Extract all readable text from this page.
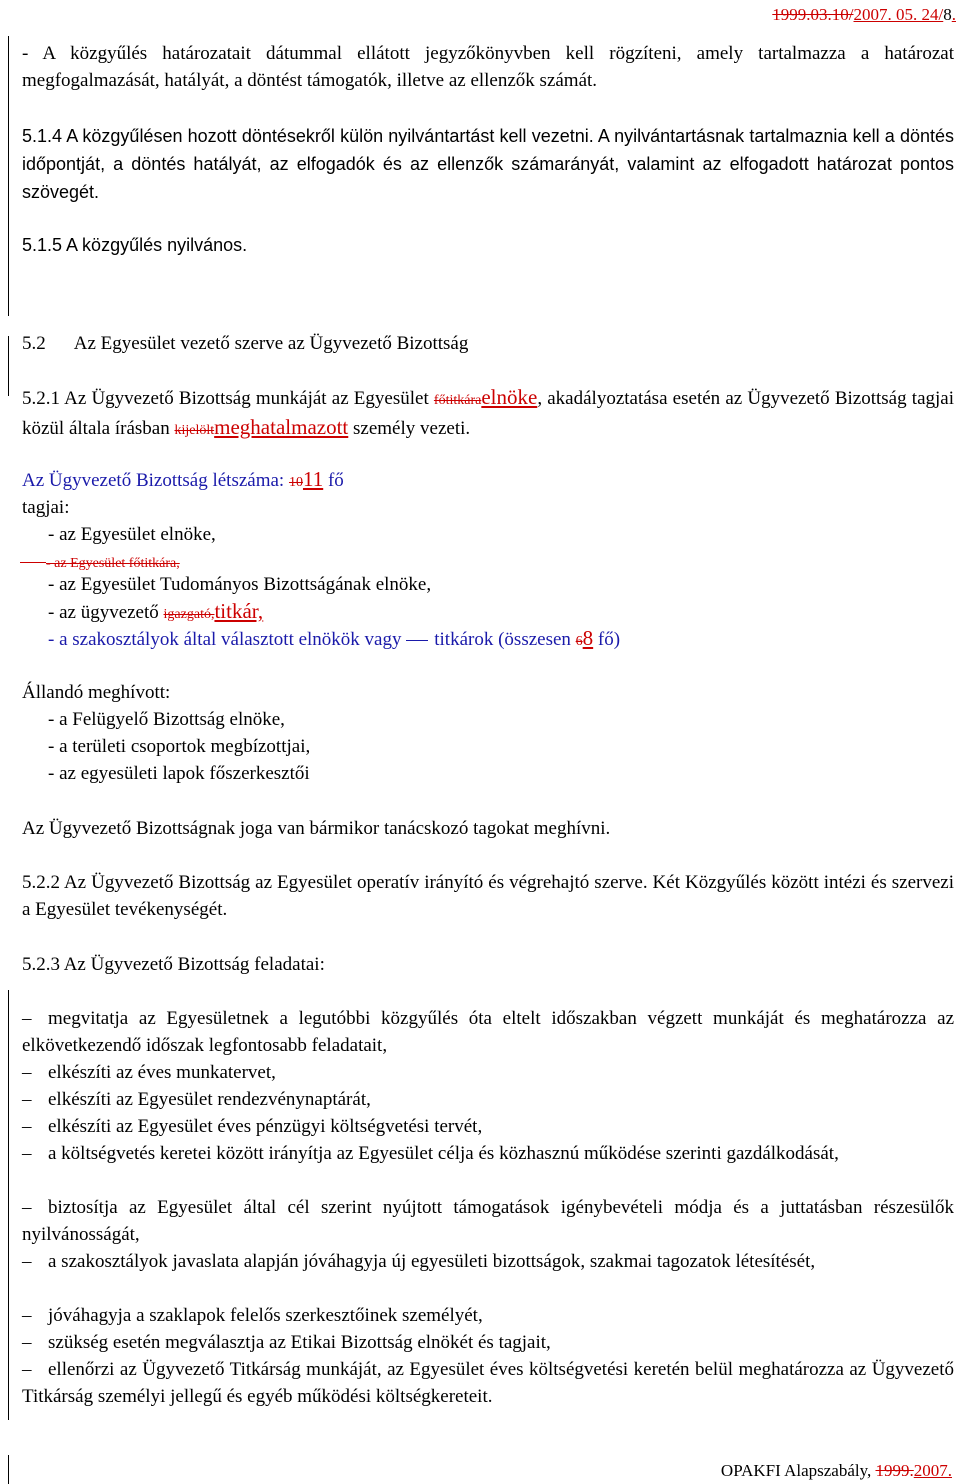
1999.03.10/2007. 05. 24/8.
- A közgyűlés határozatait dátummal ellátott jegyzőkönyvben kell rögzíteni, amely tartalmazza a határozat megfogalmazását, hatályát, a döntést támogatók, illetve az ellenzők számát.
5.1.4 A közgyűlésen hozott döntésekről külön nyilvántartást kell vezetni. A nyilvántartásnak tartalmaznia kell a döntés időpontját, a döntés hatályát, az elfogadók és az ellenzők számarányát, valamint az elfogadott határozat pontos szövegét.
5.1.5 A közgyűlés nyilvános.
5.2 Az Egyesület vezető szerve az Ügyvezető Bizottság
5.2.1 Az Ügyvezető Bizottság munkáját az Egyesület főtitkáraelnöke, akadályoztatása esetén az Ügyvezető Bizottság tagjai közül általa írásban kijelöltmeghatalmazott személy vezeti.
Az Ügyvezető Bizottság létszáma: 1011 fő
tagjai:
- az Egyesület elnöke,
- az Egyesület főtitkára,
- az Egyesület Tudományos Bizottságának elnöke,
- az ügyvezető igazgató,titkár,
- a szakosztályok által választott elnökök vagy titkárok (összesen 68 fő)
Állandó meghívott:
- a Felügyelő Bizottság elnöke,
- a területi csoportok megbízottjai,
- az egyesületi lapok főszerkesztői
Az Ügyvezető Bizottságnak joga van bármikor tanácskozó tagokat meghívni.
5.2.2 Az Ügyvezető Bizottság az Egyesület operatív irányító és végrehajtó szerve. Két Közgyűlés között intézi és szervezi a Egyesület tevékenységét.
5.2.3 Az Ügyvezető Bizottság feladatai:
– megvitatja az Egyesületnek a legutóbbi közgyűlés óta eltelt időszakban végzett munkáját és meghatározza az elkövetkezendő időszak legfontosabb feladatait,
– elkészíti az éves munkatervet,
– elkészíti az Egyesület rendezvénynaptárát,
– elkészíti az Egyesület éves pénzügyi költségvetési tervét,
– a költségvetés keretei között irányítja az Egyesület célja és közhasznú működése szerinti gazdálkodását,
– biztosítja az Egyesület által cél szerint nyújtott támogatások igénybevételi módja és a juttatásban részesülők nyilvánosságát,
– a szakosztályok javaslata alapján jóváhagyja új egyesületi bizottságok, szakmai tagozatok létesítését,
– jóváhagyja a szaklapok felelős szerkesztőinek személyét,
– szükség esetén megválasztja az Etikai Bizottság elnökét és tagjait,
– ellenőrzi az Ügyvezető Titkárság munkáját, az Egyesület éves költségvetési keretén belül meghatározza az Ügyvezető Titkárság személyi jellegű és egyéb működési költségkereteit.
OPAKFI Alapszabály, 1999.2007.
